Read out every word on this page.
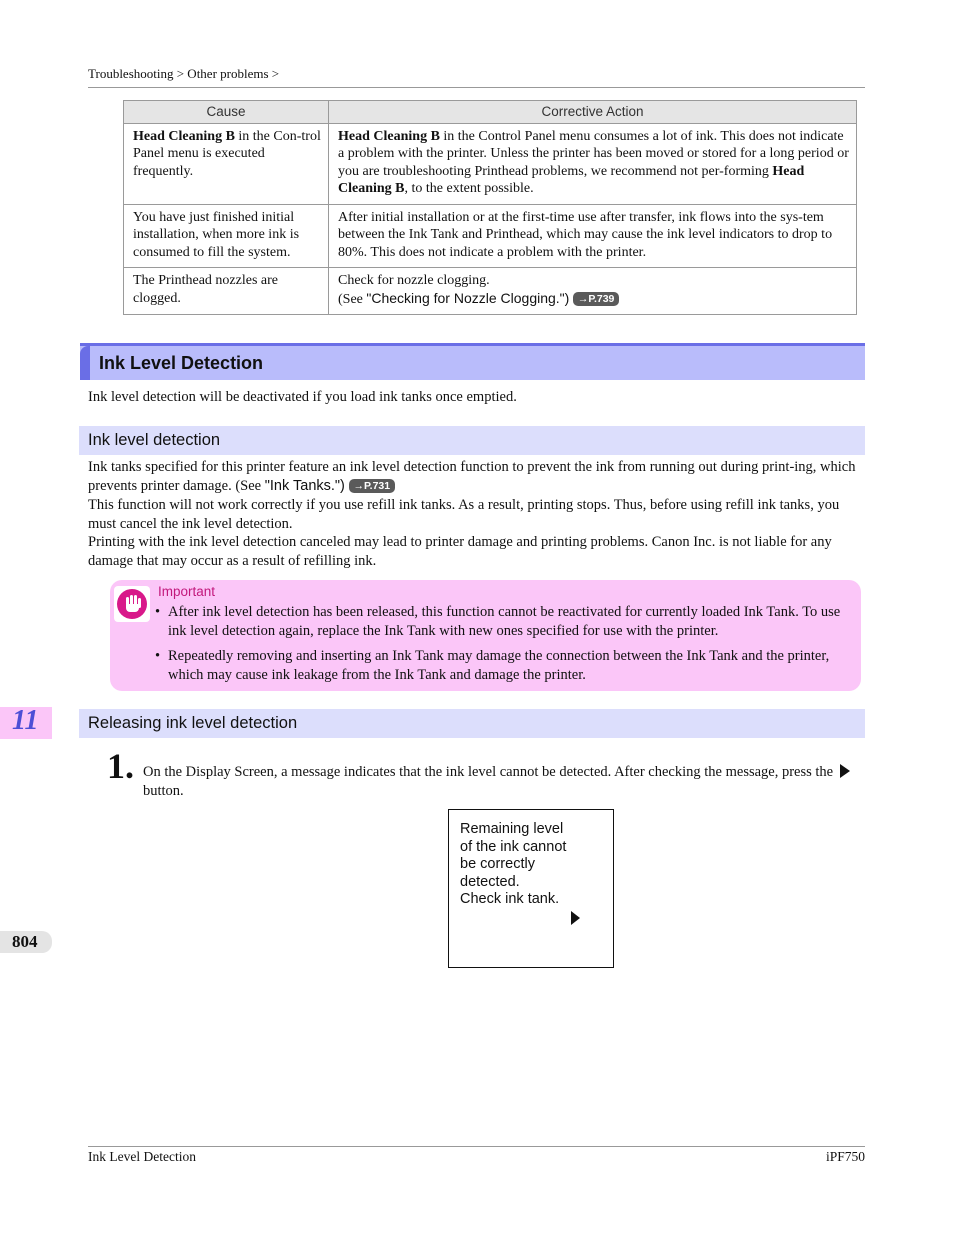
Troubleshooting > Other problems >
Cause	Corrective Action
Head Cleaning B in the Con-trol Panel menu is executed frequently.	Head Cleaning B in the Control Panel menu consumes a lot of ink. This does not indicate a problem with the printer. Unless the printer has been moved or stored for a long period or you are troubleshooting Printhead problems, we recommend not per-forming Head Cleaning B, to the extent possible.
You have just finished initial installation, when more ink is consumed to fill the system.	After initial installation or at the first-time use after transfer, ink flows into the sys-tem between the Ink Tank and Printhead, which may cause the ink level indicators to drop to 80%. This does not indicate a problem with the printer.
The Printhead nozzles are clogged.	Check for nozzle clogging.
(See "Checking for Nozzle Clogging.") →P.739
Ink Level Detection
Ink level detection will be deactivated if you load ink tanks once emptied.
Ink level detection
Ink tanks specified for this printer feature an ink level detection function to prevent the ink from running out during print-ing, which prevents printer damage. (See "Ink Tanks.") →P.731
This function will not work correctly if you use refill ink tanks. As a result, printing stops. Thus, before using refill ink tanks, you must cancel the ink level detection.
Printing with the ink level detection canceled may lead to printer damage and printing problems. Canon Inc. is not liable for any damage that may occur as a result of refilling ink.
Important
• After ink level detection has been released, this function cannot be reactivated for currently loaded Ink Tank. To use ink level detection again, replace the Ink Tank with new ones specified for use with the printer.
• Repeatedly removing and inserting an Ink Tank may damage the connection between the Ink Tank and the printer, which may cause ink leakage from the Ink Tank and damage the printer.
11	Releasing ink level detection
1. On the Display Screen, a message indicates that the ink level cannot be detected. After checking the message, press the  button.
Remaining level
of the ink cannot
be correctly
detected.
Check ink tank.
804
Ink Level Detection	iPF750
